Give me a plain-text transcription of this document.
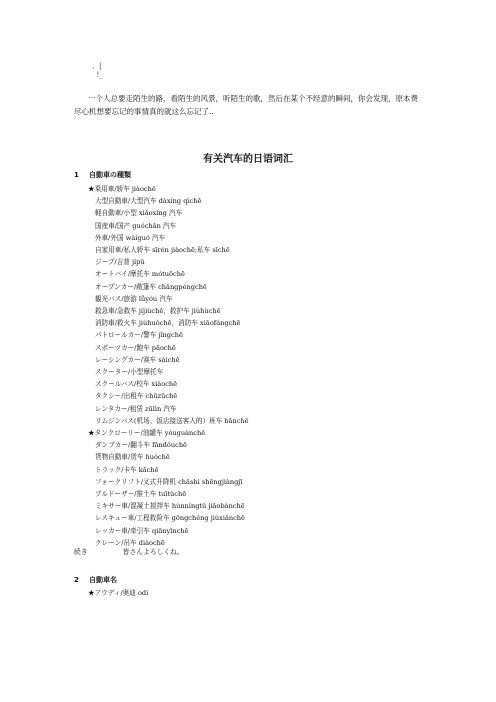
、|
!_
一个人总要走陌生的路，看陌生的风景，听陌生的歌，然后在某个不经意的瞬间，你会发现，原本费尽心机想要忘记的事情真的就这么忘记了..
有关汽车的日语词汇
1 自動車の種類
★乗用車/轿车 jiàochē
大型自動車/大型汽车 dàxíng qìchē
軽自動車/小型 xiǎoxíng 汽车
国産車/国产 guóchǎn 汽车
外車/外国 wàiguó 汽车
自家用車/私人轿车 sīrén jiàochē;私车 sīchē
ジープ/吉普 jípǔ
オートバイ/摩托车 mótuōchē
オープンカー/敞篷车 chǎngpéngchē
観光バス/旅游 lǚyóu 汽车
救急車/急救车 jíjiùchē，救护车 jiùhùchē
消防車/救火车 jiùhuǒchē，消防车 xiāofángchē
パトロールカー/警车 jǐngchē
スポーツカー/跑车 pǎochē
レーシングカー/赛车 sàichē
スクーター/小型摩托车
スクールバス/校车 xiàochē
タクシー/出租车 chūzūchē
レンタカー/租赁 zūlìn 汽车
リムジンバス(机场、饭店接送客人的）班车 bānchē
★タンクローリー/油罐车 yóuguànchē
ダンプカー/翻斗车 fāndǒuchē
貨物自動車/货车 huòchē
トラック/卡车 kǎchē
フォークリフト/叉式升降机 chāshì shēngjiàngjī
ブルドーザー/推土车 tuītǔchē
ミキサー車/混凝土搅拌车 hùnníngtǔ jiǎobànchē
レスキュー車/工程救险车 gōngchéng jiùxiǎnchē
レッカー車/牵引车 qiānyǐnchē
クレーン/吊车 diàochē
続き	皆さんよろしくね。
2 自動車名
★アウディ/奥迪 odi
